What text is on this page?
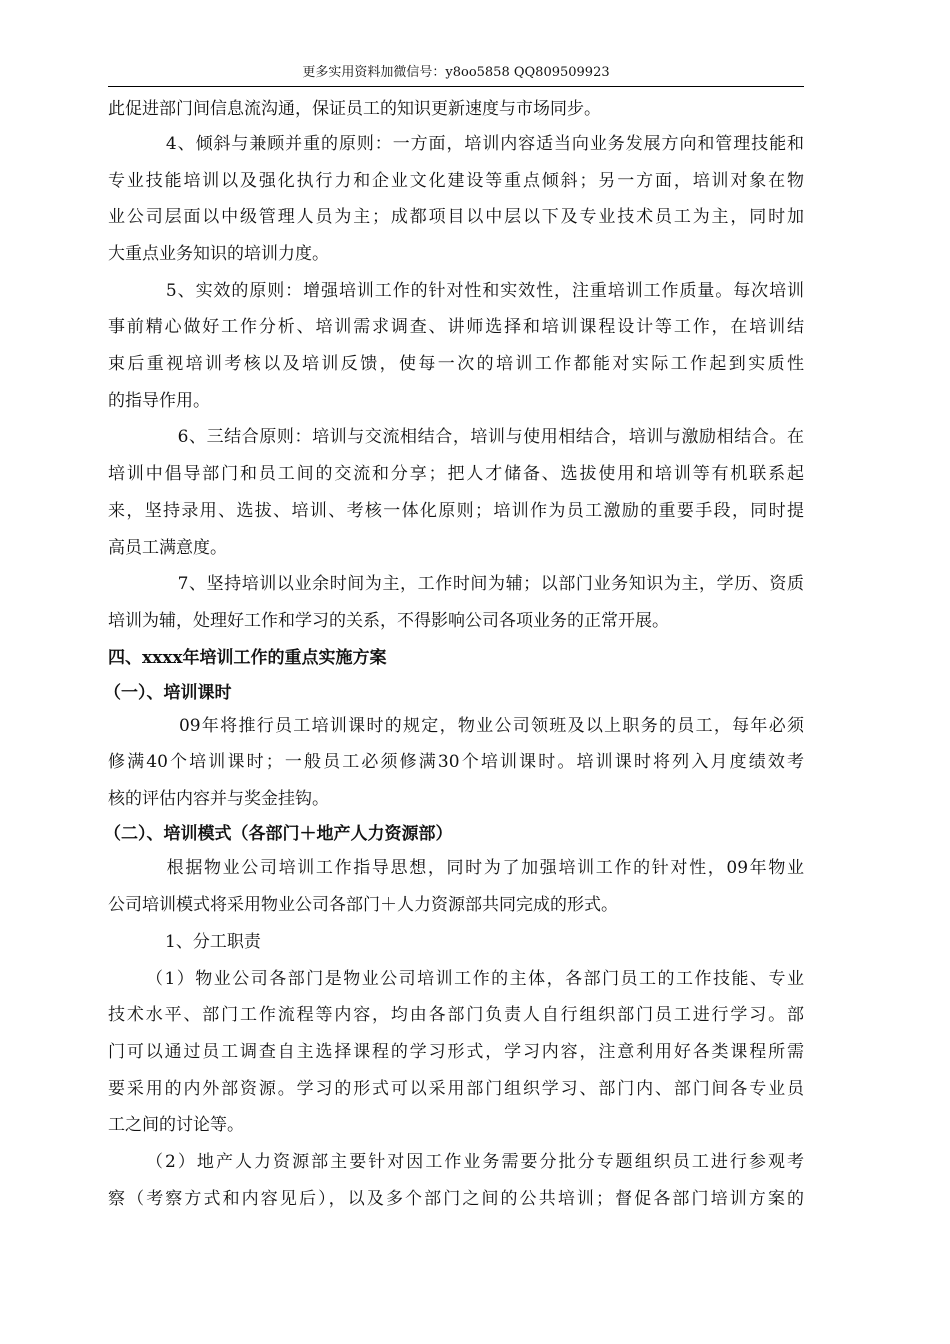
更多实用资料加微信号：y8oo5858 QQ809509923
此促进部门间信息流沟通，保证员工的知识更新速度与市场同步。
　4、倾斜与兼顾并重的原则：一方面，培训内容适当向业务发展方向和管理技能和
专业技能培训以及强化执行力和企业文化建设等重点倾斜；另一方面，培训对象在物
业公司层面以中级管理人员为主；成都项目以中层以下及专业技术员工为主，同时加
大重点业务知识的培训力度。
　5、实效的原则：增强培训工作的针对性和实效性，注重培训工作质量。每次培训
事前精心做好工作分析、培训需求调查、讲师选择和培训课程设计等工作，在培训结
束后重视培训考核以及培训反馈，使每一次的培训工作都能对实际工作起到实质性
的指导作用。
　 6、三结合原则：培训与交流相结合，培训与使用相结合，培训与激励相结合。在
培训中倡导部门和员工间的交流和分享；把人才储备、选拔使用和培训等有机联系起
来，坚持录用、选拔、培训、考核一体化原则；培训作为员工激励的重要手段，同时提
高员工满意度。
　 7、坚持培训以业余时间为主，工作时间为辅；以部门业务知识为主，学历、资质
培训为辅，处理好工作和学习的关系，不得影响公司各项业务的正常开展。
四、xxxx年培训工作的重点实施方案
（一）、培训课时
　 09年将推行员工培训课时的规定，物业公司领班及以上职务的员工，每年必须
修满40个培训课时；一般员工必须修满30个培训课时。培训课时将列入月度绩效考
核的评估内容并与奖金挂钩。
（二）、培训模式（各部门＋地产人力资源部）
　根据物业公司培训工作指导思想，同时为了加强培训工作的针对性，09年物业
公司培训模式将采用物业公司各部门＋人力资源部共同完成的形式。
　1、分工职责
（1）物业公司各部门是物业公司培训工作的主体，各部门员工的工作技能、专业
技术水平、部门工作流程等内容，均由各部门负责人自行组织部门员工进行学习。部
门可以通过员工调查自主选择课程的学习形式，学习内容，注意利用好各类课程所需
要采用的内外部资源。学习的形式可以采用部门组织学习、部门内、部门间各专业员
工之间的讨论等。
（2）地产人力资源部主要针对因工作业务需要分批分专题组织员工进行参观考
察（考察方式和内容见后），以及多个部门之间的公共培训；督促各部门培训方案的
